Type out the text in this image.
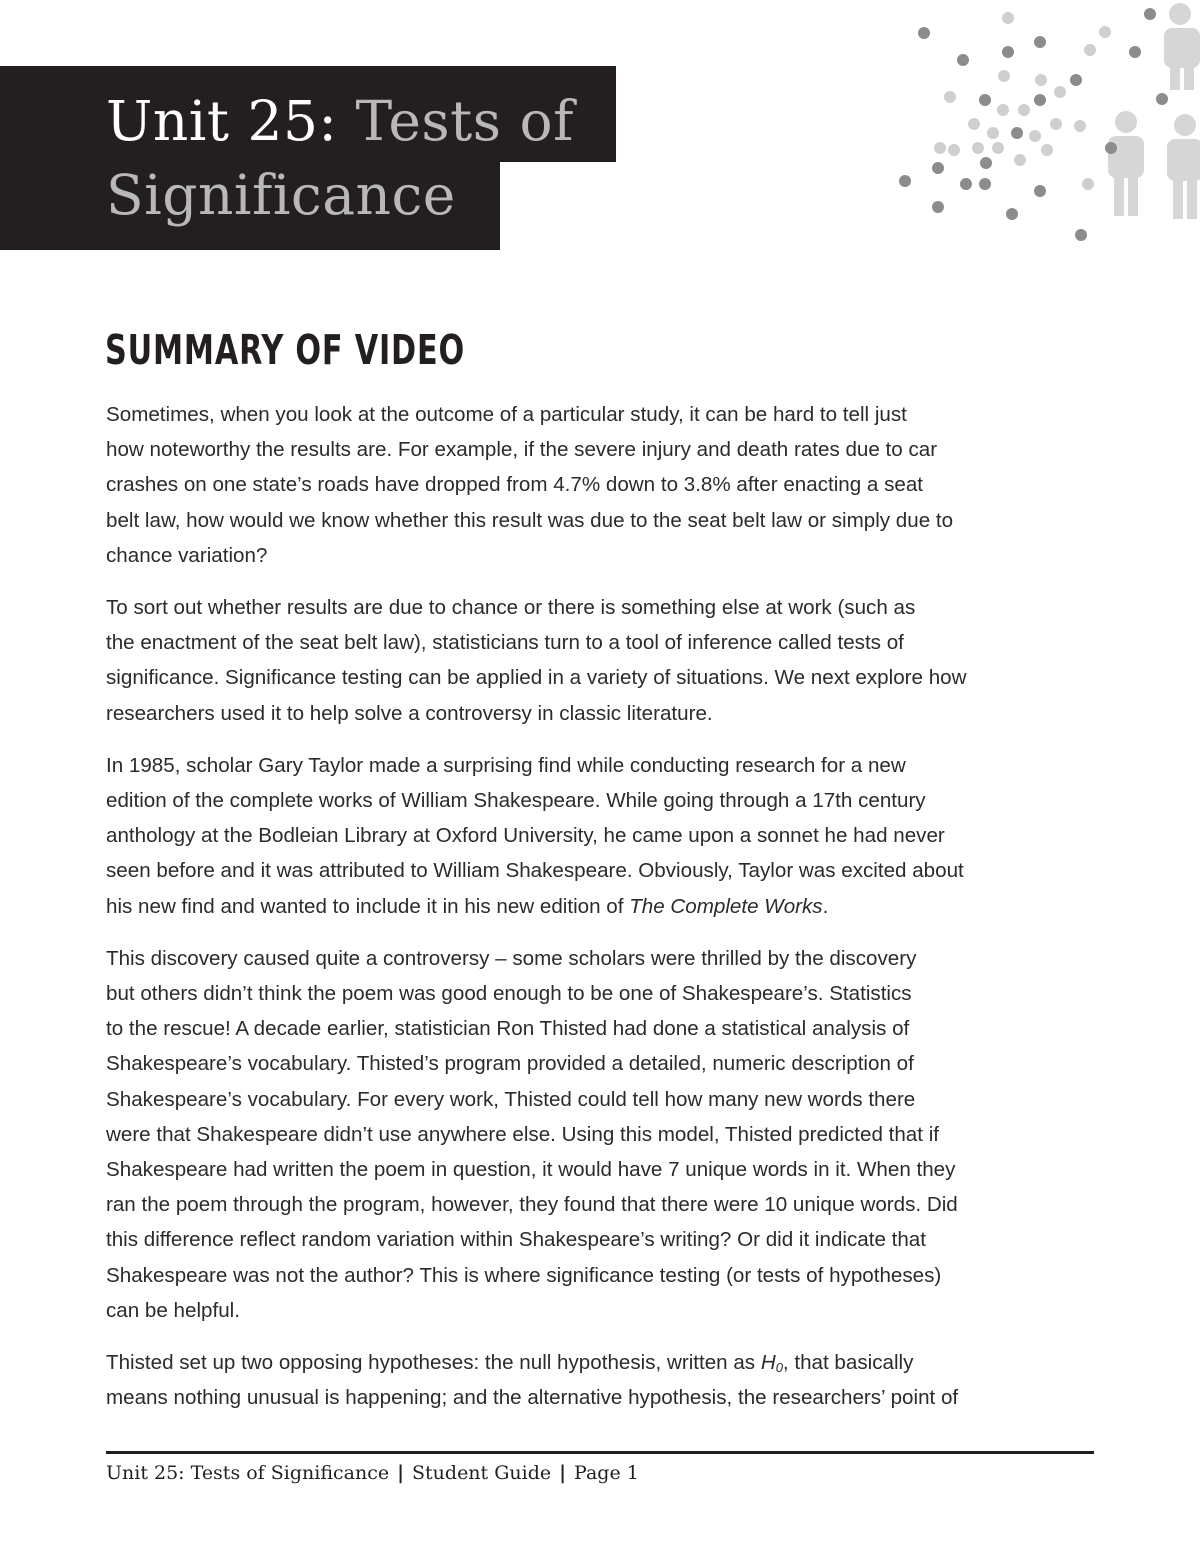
Unit 25: Tests of
Significance
SUMMARY OF VIDEO

Sometimes, when you look at the outcome of a particular study, it can be hard to tell just
how noteworthy the results are. For example, if the severe injury and death rates due to car
crashes on one state’s roads have dropped from 4.7% down to 3.8% after enacting a seat
belt law, how would we know whether this result was due to the seat belt law or simply due to
chance variation?

To sort out whether results are due to chance or there is something else at work (such as
the enactment of the seat belt law), statisticians turn to a tool of inference called tests of
significance. Significance testing can be applied in a variety of situations. We next explore how
researchers used it to help solve a controversy in classic literature.

In 1985, scholar Gary Taylor made a surprising find while conducting research for a new
edition of the complete works of William Shakespeare. While going through a 17th century
anthology at the Bodleian Library at Oxford University, he came upon a sonnet he had never
seen before and it was attributed to William Shakespeare. Obviously, Taylor was excited about
his new find and wanted to include it in his new edition of The Complete Works.

This discovery caused quite a controversy – some scholars were thrilled by the discovery
but others didn’t think the poem was good enough to be one of Shakespeare’s. Statistics
to the rescue! A decade earlier, statistician Ron Thisted had done a statistical analysis of
Shakespeare’s vocabulary. Thisted’s program provided a detailed, numeric description of
Shakespeare’s vocabulary. For every work, Thisted could tell how many new words there
were that Shakespeare didn’t use anywhere else. Using this model, Thisted predicted that if
Shakespeare had written the poem in question, it would have 7 unique words in it. When they
ran the poem through the program, however, they found that there were 10 unique words. Did
this difference reflect random variation within Shakespeare’s writing? Or did it indicate that
Shakespeare was not the author? This is where significance testing (or tests of hypotheses)
can be helpful.

Thisted set up two opposing hypotheses: the null hypothesis, written as $H_0$, that basically
means nothing unusual is happening; and the alternative hypothesis, the researchers’ point of

Unit 25: Tests of Significance | Student Guide | Page 1
